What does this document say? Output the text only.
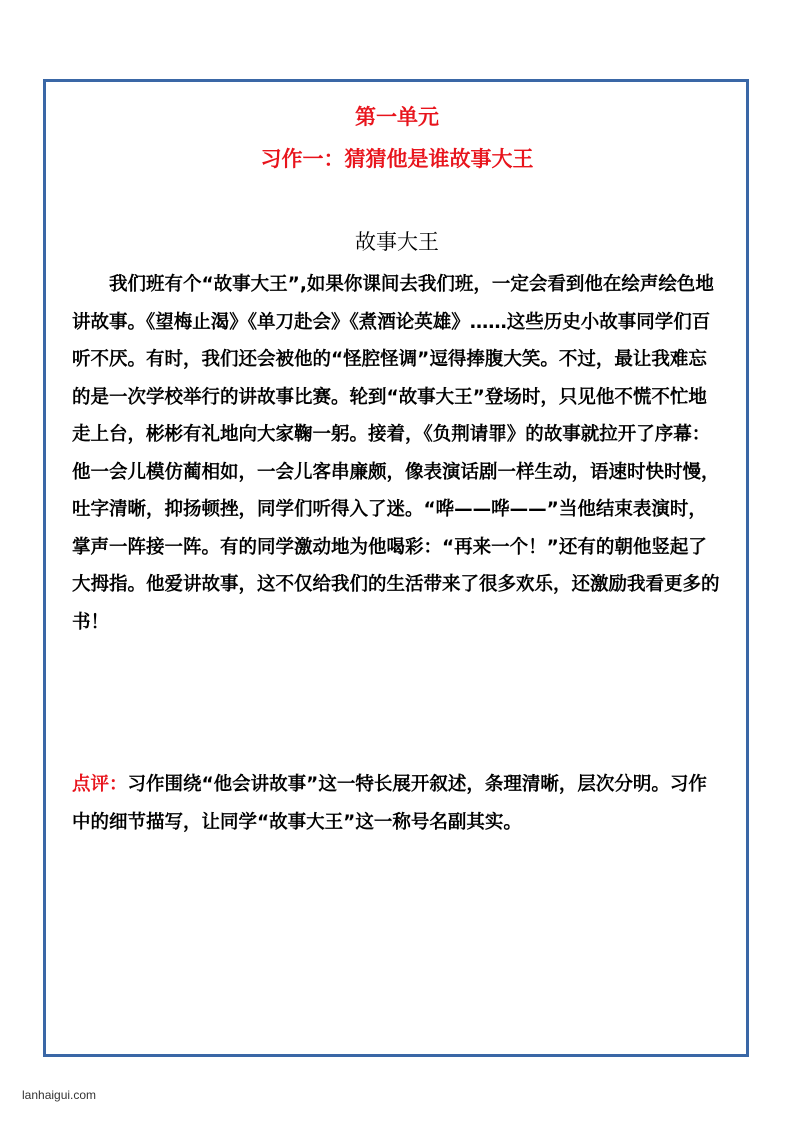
第一单元
习作一：猜猜他是谁故事大王
故事大王

我们班有个“故事大王”,如果你课间去我们班，一定会看到他在绘声绘色地讲故事。《望梅止渴》《单刀赴会》《煮酒论英雄》……这些历史小故事同学们百听不厌。有时，我们还会被他的“怪腔怪调”逗得捧腹大笑。不过，最让我难忘的是一次学校举行的讲故事比赛。轮到“故事大王”登场时，只见他不慌不忙地走上台，彬彬有礼地向大家鞠一躬。接着，《负荆请罪》的故事就拉开了序幕：他一会儿模仿蔺相如，一会儿客串廉颇，像表演话剧一样生动，语速时快时慢，吐字清晰，抑扬顿挫，同学们听得入了迷。“哗——哗——”当他结束表演时，掌声一阵接一阵。有的同学激动地为他喝彩：“再来一个！”还有的朝他竖起了大拇指。他爱讲故事，这不仅给我们的生活带来了很多欢乐，还激励我看更多的书！

点评：习作围绕“他会讲故事”这一特长展开叙述，条理清晰，层次分明。习作中的细节描写，让同学“故事大王”这一称号名副其实。

lanhaigui.com
